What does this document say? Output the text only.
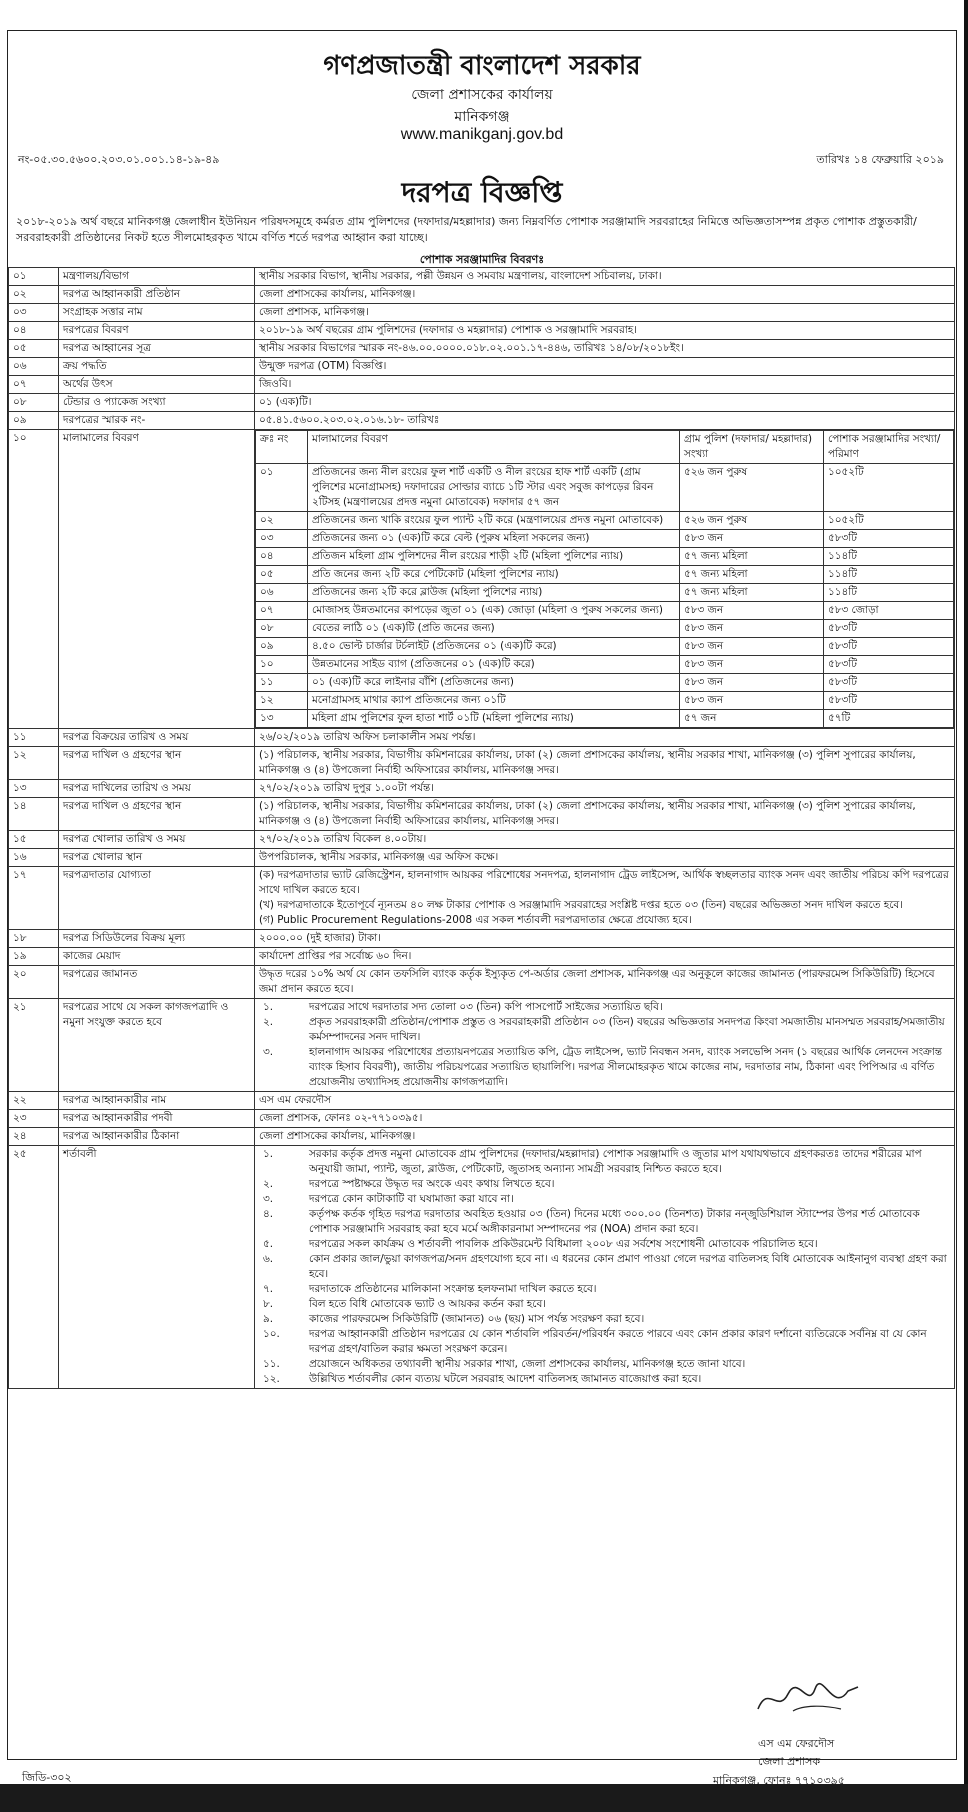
গণপ্রজাতন্ত্রী বাংলাদেশ সরকার
জেলা প্রশাসকের কার্যালয়
মানিকগঞ্জ
www.manikganj.gov.bd
নং-০৫.৩০.৫৬০০.২০৩.০১.০০১.১৪-১৯-৪৯	তারিখঃ ১৪ ফেব্রুয়ারি ২০১৯
দরপত্র বিজ্ঞপ্তি
২০১৮-২০১৯ অর্থ বছরে মানিকগঞ্জ জেলাধীন ইউনিয়ন পরিষদসমূহে কর্মরত গ্রাম পুলিশদের (দফাদার/মহল্লাদার) জন্য নিম্নবর্ণিত পোশাক সরঞ্জামাদি সরবরাহের নিমিত্তে অভিজ্ঞতাসম্পন্ন প্রকৃত পোশাক প্রস্তুতকারী/সরবরাহকারী প্রতিষ্ঠানের নিকট হতে সীলমোহরকৃত খামে বর্ণিত শর্তে দরপত্র আহ্বান করা যাচ্ছে।
পোশাক সরঞ্জামাদির বিবরণঃ
০১	মন্ত্রণালয়/বিভাগ	স্থানীয় সরকার বিভাগ, স্থানীয় সরকার, পল্লী উন্নয়ন ও সমবায় মন্ত্রণালয়, বাংলাদেশ সচিবালয়, ঢাকা।
০২	দরপত্র আহ্বানকারী প্রতিষ্ঠান	জেলা প্রশাসকের কার্যালয়, মানিকগঞ্জ।
০৩	সংগ্রাহক সত্তার নাম	জেলা প্রশাসক, মানিকগঞ্জ।
০৪	দরপত্রের বিবরণ	২০১৮-১৯ অর্থ বছরের গ্রাম পুলিশদের (দফাদার ও মহল্লাদার) পোশাক ও সরঞ্জামাদি সরবরাহ।
০৫	দরপত্র আহ্বানের সূত্র	স্থানীয় সরকার বিভাগের স্মারক নং-৪৬.০০.০০০০.০১৮.০২.০০১.১৭-৪৪৬, তারিখঃ ১৪/০৮/২০১৮ইং।
০৬	ক্রয় পদ্ধতি	উন্মুক্ত দরপত্র (OTM) বিজ্ঞপ্তি।
০৭	অর্থের উৎস	জিওবি।
০৮	টেন্ডার ও প্যাকেজ সংখ্যা	০১ (এক)টি।
০৯	দরপত্রের স্মারক নং-	০৫.৪১.৫৬০০.২০৩.০২.০১৬.১৮- তারিখঃ
১০	মালামালের বিবরণ		ক্রঃ নং	মালামালের বিবরণ	গ্রাম পুলিশ (দফাদার/ মহল্লাদার) সংখ্যা	পোশাক সরঞ্জামাদির সংখ্যা/পরিমাণ
০১	প্রতিজনের জন্য নীল রংয়ের ফুল শার্ট একটি ও নীল রংয়ের হাফ শার্ট একটি (গ্রাম পুলিশের মনোগ্রামসহ) দফাদারের সোল্ডার ব্যাচে ১টি স্টার এবং সবুজ কাপড়ের রিবন ২টিসহ (মন্ত্রণালয়ের প্রদত্ত নমুনা মোতাবেক) দফাদার ৫৭ জন	৫২৬ জন পুরুষ	১০৫২টি
০২	প্রতিজনের জন্য খাকি রংয়ের ফুল প্যান্ট ২টি করে (মন্ত্রণালয়ের প্রদত্ত নমুনা মোতাবেক)	৫২৬ জন পুরুষ	১০৫২টি
০৩	প্রতিজনের জন্য ০১ (এক)টি করে বেল্ট (পুরুষ মহিলা সকলের জন্য)	৫৮৩ জন	৫৮৩টি
০৪	প্রতিজন মহিলা গ্রাম পুলিশদের নীল রংয়ের শাড়ী ২টি (মহিলা পুলিশের ন্যায়)	৫৭ জন্য মহিলা	১১৪টি
০৫	প্রতি জনের জন্য ২টি করে পেটিকোট (মহিলা পুলিশের ন্যায়)	৫৭ জন্য মহিলা	১১৪টি
০৬	প্রতিজনের জন্য ২টি করে ব্লাউজ (মহিলা পুলিশের ন্যায়)	৫৭ জন্য মহিলা	১১৪টি
০৭	মোজাসহ উন্নতমানের কাপড়ের জুতা ০১ (এক) জোড়া (মহিলা ও পুরুষ সকলের জন্য)	৫৮৩ জন	৫৮৩ জোড়া
০৮	বেতের লাঠি ০১ (এক)টি (প্রতি জনের জন্য)	৫৮৩ জন	৫৮৩টি
০৯	৪.৫০ ভোল্ট চার্জার টর্চলাইট (প্রতিজনের ০১ (এক)টি করে)	৫৮৩ জন	৫৮৩টি
১০	উন্নতমানের সাইড ব্যাগ (প্রতিজনের ০১ (এক)টি করে)	৫৮৩ জন	৫৮৩টি
১১	০১ (এক)টি করে লাইনার বাঁশি (প্রতিজনের জন্য)	৫৮৩ জন	৫৮৩টি
১২	মনোগ্রামসহ মাথার ক্যাপ প্রতিজনের জন্য ০১টি	৫৮৩ জন	৫৮৩টি
১৩	মহিলা গ্রাম পুলিশের ফুল হাতা শার্ট ০১টি (মহিলা পুলিশের ন্যায়)	৫৭ জন	৫৭টি

১১	দরপত্র বিক্রয়ের তারিখ ও সময়	২৬/০২/২০১৯ তারিখ অফিস চলাকালীন সময় পর্যন্ত।
১২	দরপত্র দাখিল ও গ্রহণের স্থান	(১) পরিচালক, স্থানীয় সরকার, বিভাগীয় কমিশনারের কার্যালয়, ঢাকা (২) জেলা প্রশাসকের কার্যালয়, স্থানীয় সরকার শাখা, মানিকগঞ্জ (৩) পুলিশ সুপারের কার্যালয়, মানিকগঞ্জ ও (৪) উপজেলা নির্বাহী অফিসারের কার্যালয়, মানিকগঞ্জ সদর।
১৩	দরপত্র দাখিলের তারিখ ও সময়	২৭/০২/২০১৯ তারিখ দুপুর ১.০০টা পর্যন্ত।
১৪	দরপত্র দাখিল ও গ্রহণের স্থান	(১) পরিচালক, স্থানীয় সরকার, বিভাগীয় কমিশনারের কার্যালয়, ঢাকা (২) জেলা প্রশাসকের কার্যালয়, স্থানীয় সরকার শাখা, মানিকগঞ্জ (৩) পুলিশ সুপারের কার্যালয়, মানিকগঞ্জ ও (৪) উপজেলা নির্বাহী অফিসারের কার্যালয়, মানিকগঞ্জ সদর।
১৫	দরপত্র খোলার তারিখ ও সময়	২৭/০২/২০১৯ তারিখ বিকেল ৪.০০টায়।
১৬	দরপত্র খোলার স্থান	উপপরিচালক, স্থানীয় সরকার, মানিকগঞ্জ এর অফিস কক্ষে।
১৭	দরপত্রদাতার যোগ্যতা	(ক) দরপত্রদাতার ভ্যাট রেজিস্ট্রেশন, হালনাগাদ আয়কর পরিশোধের সনদপত্র, হালনাগাদ ট্রেড লাইসেন্স, আর্থিক স্বচ্ছলতার ব্যাংক সনদ এবং জাতীয় পরিচয় কপি দরপত্রের সাথে দাখিল করতে হবে।
(খ) দরপত্রদাতাকে ইতোপূর্বে ন্যূনতম ৪০ লক্ষ টাকার পোশাক ও সরঞ্জামাদি সরবরাহের সংশ্লিষ্ট দপ্তর হতে ০৩ (তিন) বছরের অভিজ্ঞতা সনদ দাখিল করতে হবে।
(গ) Public Procurement Regulations-2008 এর সকল শর্তাবলী দরপত্রদাতার ক্ষেত্রে প্রযোজ্য হবে।

১৮	দরপত্র সিডিউলের বিক্রয় মূল্য	২০০০.০০ (দুই হাজার) টাকা।
১৯	কাজের মেয়াদ	কার্যাদেশ প্রাপ্তির পর সর্বোচ্চ ৬০ দিন।
২০	দরপত্রের জামানত	উদ্ধৃত দরের ১০% অর্থ যে কোন তফসিলি ব্যাংক কর্তৃক ইস্যুকৃত পে-অর্ডার জেলা প্রশাসক, মানিকগঞ্জ এর অনুকূলে কাজের জামানত (পারফরমেন্স সিকিউরিটি) হিসেবে জমা প্রদান করতে হবে।
২১	দরপত্রের সাথে যে সকল কাগজপত্রাদি ও নমুনা সংযুক্ত করতে হবে	
১.	দরপত্রের সাথে দরদাতার সদ্য তোলা ০৩ (তিন) কপি পাসপোর্ট সাইজের সত্যায়িত ছবি।
২.	প্রকৃত সরবরাহকারী প্রতিষ্ঠান/পোশাক প্রস্তুত ও সরবরাহকারী প্রতিষ্ঠান ০৩ (তিন) বছরের অভিজ্ঞতার সনদপত্র কিংবা সমজাতীয় মানসম্মত সরবরাহ/সমজাতীয় কর্মসম্পাদনের সনদ দাখিল।
৩.	হালনাগাদ আয়কর পরিশোধের প্রত্যায়নপত্রের সত্যায়িত কপি, ট্রেড লাইসেন্স, ভ্যাট নিবন্ধন সনদ, ব্যাংক সলভেন্সি সনদ (১ বছরের আর্থিক লেনদেন সংক্রান্ত ব্যাংক হিসাব বিবরণী), জাতীয় পরিচয়পত্রের সত্যায়িত ছায়ালিপি। দরপত্র সীলমোহরকৃত খামে কাজের নাম, দরদাতার নাম, ঠিকানা এবং পিপিআর এ বর্ণিত প্রয়োজনীয় তথ্যাদিসহ প্রয়োজনীয় কাগজপত্রাদি।

২২	দরপত্র আহ্বানকারীর নাম	এস এম ফেরদৌস
২৩	দরপত্র আহ্বানকারীর পদবী	জেলা প্রশাসক, ফোনঃ ০২-৭৭১০৩৯৫।
২৪	দরপত্র আহ্বানকারীর ঠিকানা	জেলা প্রশাসকের কার্যালয়, মানিকগঞ্জ।
২৫	শর্তাবলী	১.	সরকার কর্তৃক প্রদত্ত নমুনা মোতাবেক গ্রাম পুলিশদের (দফাদার/মহল্লাদার) পোশাক সরঞ্জামাদি ও জুতার মাপ যথাযথভাবে গ্রহণকরতঃ তাদের শরীরের মাপ অনুযায়ী জামা, প্যান্ট, জুতা, ব্লাউজ, পেটিকোট, জুতাসহ অন্যান্য সামগ্রী সরবরাহ নিশ্চিত করতে হবে।
২.	দরপত্রে স্পষ্টাক্ষরে উদ্ধৃত দর অংকে এবং কথায় লিখতে হবে।
৩.	দরপত্রে কোন কাটাকাটি বা ঘষামাজা করা যাবে না।
৪.	কর্তৃপক্ষ কর্তক গৃহিত দরপত্র দরদাতার অবহিত হওয়ার ০৩ (তিন) দিনের মধ্যে ৩০০.০০ (তিনশত) টাকার নন্জুডিশিয়াল স্ট্যাম্পের উপর শর্ত মোতাবেক পোশাক সরঞ্জামাদি সরবরাহ করা হবে মর্মে অঙ্গীকারনামা সম্পাদনের পর (NOA) প্রদান করা হবে।
৫.	দরপত্রের সকল কার্যক্রম ও শর্তাবলী পাবলিক প্রকিউরমেন্ট বিধিমালা ২০০৮ এর সর্বশেষ সংশোধনী মোতাবেক পরিচালিত হবে।
৬.	কোন প্রকার জাল/ভুয়া কাগজপত্র/সনদ গ্রহণযোগ্য হবে না। এ ধরনের কোন প্রমাণ পাওয়া গেলে দরপত্র বাতিলসহ বিধি মোতাবেক আইনানুগ ব্যবস্থা গ্রহণ করা হবে।
৭.	দরদাতাকে প্রতিষ্ঠানের মালিকানা সংক্রান্ত হলফনামা দাখিল করতে হবে।
৮.	বিল হতে বিধি মোতাবেক ভ্যাট ও আয়কর কর্তন করা হবে।
৯.	কাজের পারফরমেন্স সিকিউরিটি (জামানত) ০৬ (ছয়) মাস পর্যন্ত সংরক্ষণ করা হবে।
১০.	দরপত্র আহ্বানকারী প্রতিষ্ঠান দরপত্রের যে কোন শর্তাবলি পরিবর্তন/পরিবর্ধন করতে পারবে এবং কোন প্রকার কারণ দর্শানো ব্যতিরেকে সর্বনিম্ন বা যে কোন দরপত্র গ্রহণ/বাতিল করার ক্ষমতা সংরক্ষণ করেন।
১১.	প্রয়োজনে অধিকতর তথ্যাবলী স্থানীয় সরকার শাখা, জেলা প্রশাসকের কার্যালয়, মানিকগঞ্জ হতে জানা যাবে।
১২.	উল্লিখিত শর্তাবলীর কোন ব্যত্যয় ঘটলে সরবরাহ আদেশ বাতিলসহ জামানত বাজেয়াপ্ত করা হবে।
এস এম ফেরদৌস
জেলা প্রশাসক
মানিকগঞ্জ, ফোনঃ ৭৭১০৩৯৫
জিডি-৩০২
